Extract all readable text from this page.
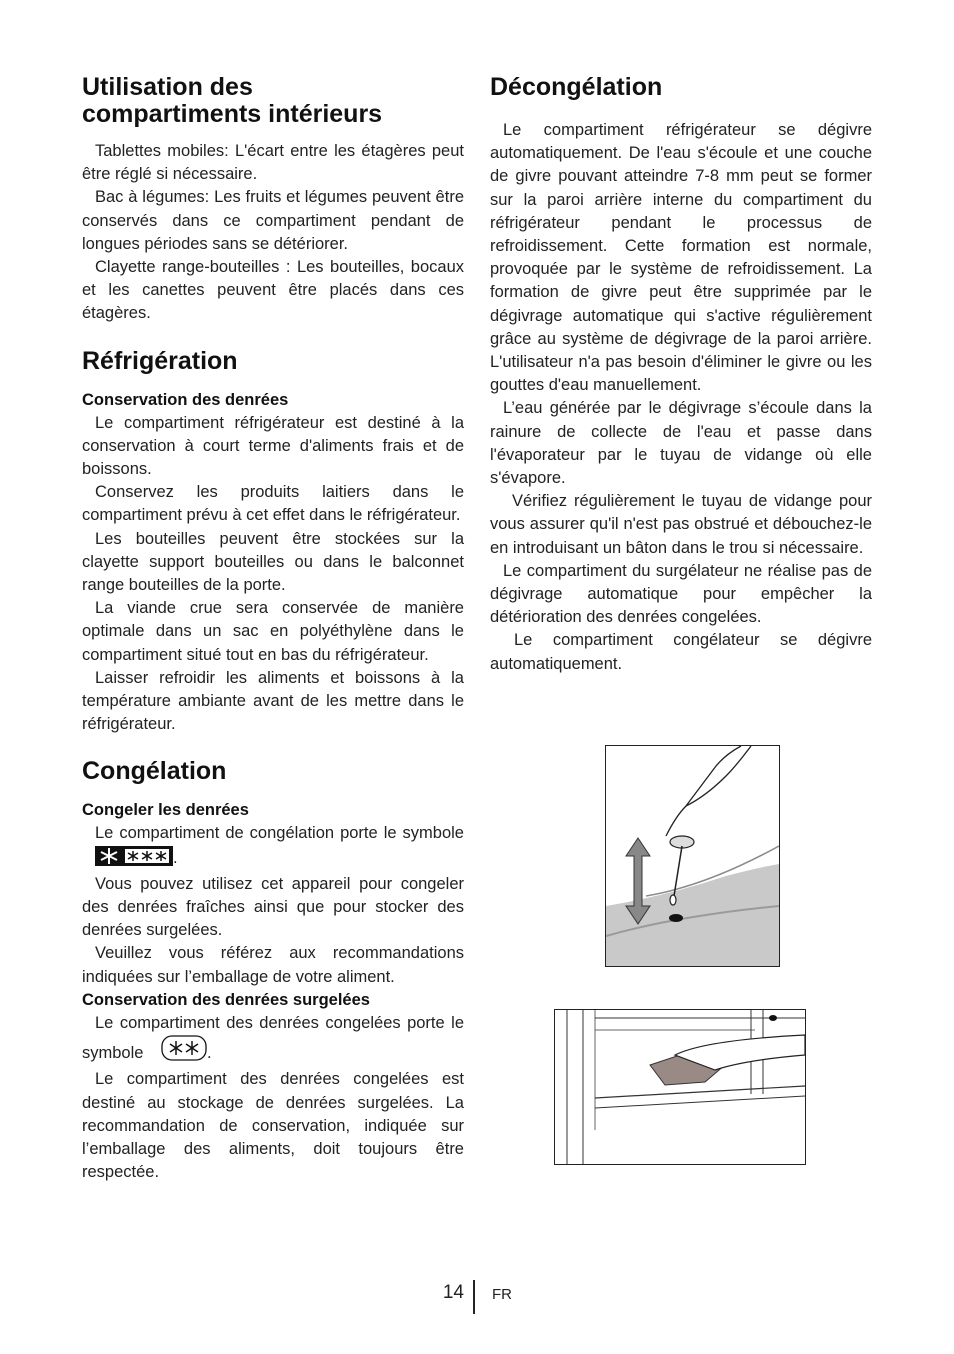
Utilisation des compartiments intérieurs

Tablettes mobiles: L'écart entre les étagères peut être réglé si nécessaire.

Bac à légumes: Les fruits et légumes peuvent être conservés dans ce compartiment pendant de longues périodes sans se détériorer.

Clayette range-bouteilles : Les bouteilles, bocaux et les canettes peuvent être placés dans ces étagères.

Réfrigération
Conservation des denrées

Le compartiment réfrigérateur est destiné à la conservation à court terme d'aliments frais et de boissons.

Conservez les produits laitiers dans le compartiment prévu à cet effet dans le réfrigérateur.

Les bouteilles peuvent être stockées sur la clayette support bouteilles ou dans le balconnet range bouteilles de la porte.

La viande crue sera conservée de manière optimale dans un sac en polyéthylène dans le compartiment situé tout en bas du réfrigérateur.

Laisser refroidir les aliments et boissons à la température ambiante avant de les mettre dans le réfrigérateur.

Congélation
Congeler les denrées

Le compartiment de congélation porte le symbole .

Vous pouvez utilisez cet appareil pour congeler des denrées fraîches ainsi que pour stocker des denrées surgelées.

Veuillez vous référez aux recommandations indiquées sur l’emballage de votre aliment.

Conservation des denrées surgelées

Le compartiment des denrées congelées porte le symbole	.

Le compartiment des denrées congelées est destiné au stockage de denrées surgelées. La recommandation de conservation, indiquée sur l’emballage des aliments, doit toujours être respectée.

Décongélation

Le compartiment réfrigérateur se dégivre automatiquement. De l'eau s'écoule et une couche de givre pouvant atteindre 7-8 mm peut se former sur la paroi arrière interne du compartiment du réfrigérateur pendant le processus de refroidissement. Cette formation est normale, provoquée par le système de refroidissement. La formation de givre peut être supprimée par le dégivrage automatique qui s'active régulièrement grâce au système de dégivrage de la paroi arrière. L'utilisateur n'a pas besoin d'éliminer le givre ou les gouttes d'eau manuellement.

L’eau générée par le dégivrage s’écoule dans la rainure de collecte de l'eau et passe dans l'évaporateur par le tuyau de vidange où elle s'évapore.

Vérifiez régulièrement le tuyau de vidange pour vous assurer qu'il n'est pas obstrué et débouchez-le en introduisant un bâton dans le trou si nécessaire.

Le compartiment du surgélateur ne réalise pas de dégivrage automatique pour empêcher la détérioration des denrées congelées.

Le compartiment congélateur se dégivre automatiquement.

14 FR
